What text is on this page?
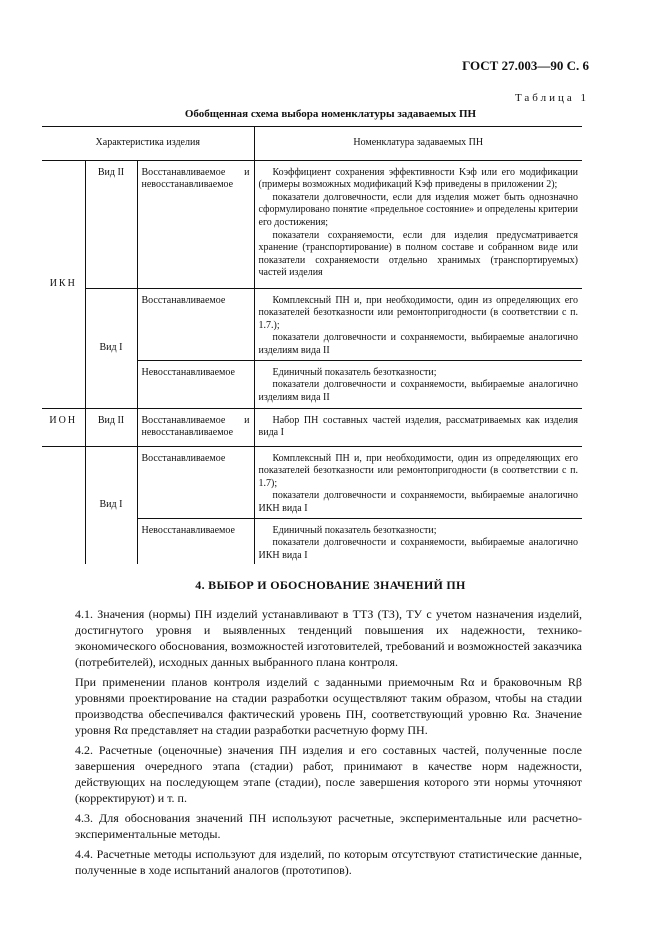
ГОСТ 27.003—90 С. 6
Таблица 1
Обобщенная схема выбора номенклатуры задаваемых ПН
Характеристика изделия			Номенклатура задаваемых ПН
ИКН	Вид II	Восстанавливаемое и невосстанавливаемое	Коэффициент сохранения эффективности Kэф или его модификации (примеры возможных модификаций Kэф приведены в приложении 2);

показатели долговечности, если для изделия может быть однозначно сформулировано понятие «предельное состояние» и определены критерии его достижения;

показатели сохраняемости, если для изделия предусматривается хранение (транспортирование) в полном составе и собранном виде или показатели сохраняемости отдельно хранимых (транспортируемых) частей изделия

	Вид I	Восстанавливаемое	Комплексный ПН и, при необходимости, один из определяющих его показателей безотказности или ремонтопригодности (в соответствии с п. 1.7.);

показатели долговечности и сохраняемости, выбираемые аналогично изделиям вида II

		Невосстанавливаемое	Единичный показатель безотказности;

показатели долговечности и сохраняемости, выбираемые аналогично изделиям вида II

ИОН	Вид II	Восстанавливаемое и невосстанавливаемое	Набор ПН составных частей изделия, рассматриваемых как изделия вида I

	Вид I	Восстанавливаемое	Комплексный ПН и, при необходимости, один из определяющих его показателей безотказности или ремонтопригодности (в соответствии с п. 1.7);

показатели долговечности и сохраняемости, выбираемые аналогично ИКН вида I

		Невосстанавливаемое	Единичный показатель безотказности;

показатели долговечности и сохраняемости, выбираемые аналогично ИКН вида I

4. ВЫБОР И ОБОСНОВАНИЕ ЗНАЧЕНИЙ ПН

4.1. Значения (нормы) ПН изделий устанавливают в ТТЗ (ТЗ), ТУ с учетом назначения изделий, достигнутого уровня и выявленных тенденций повышения их надежности, технико-экономического обоснования, возможностей изготовителей, требований и возможностей заказчика (потребителей), исходных данных выбранного плана контроля.

При применении планов контроля изделий с заданными приемочным Rα и браковочным Rβ уровнями проектирование на стадии разработки осуществляют таким образом, чтобы на стадии производства обеспечивался фактический уровень ПН, соответствующий уровню Rα. Значение уровня Rα представляет на стадии разработки расчетную форму ПН.

4.2. Расчетные (оценочные) значения ПН изделия и его составных частей, полученные после завершения очередного этапа (стадии) работ, принимают в качестве норм надежности, действующих на последующем этапе (стадии), после завершения которого эти нормы уточняют (корректируют) и т. п.

4.3. Для обоснования значений ПН используют расчетные, экспериментальные или расчетно-экспериментальные методы.

4.4. Расчетные методы используют для изделий, по которым отсутствуют статистические данные, полученные в ходе испытаний аналогов (прототипов).
